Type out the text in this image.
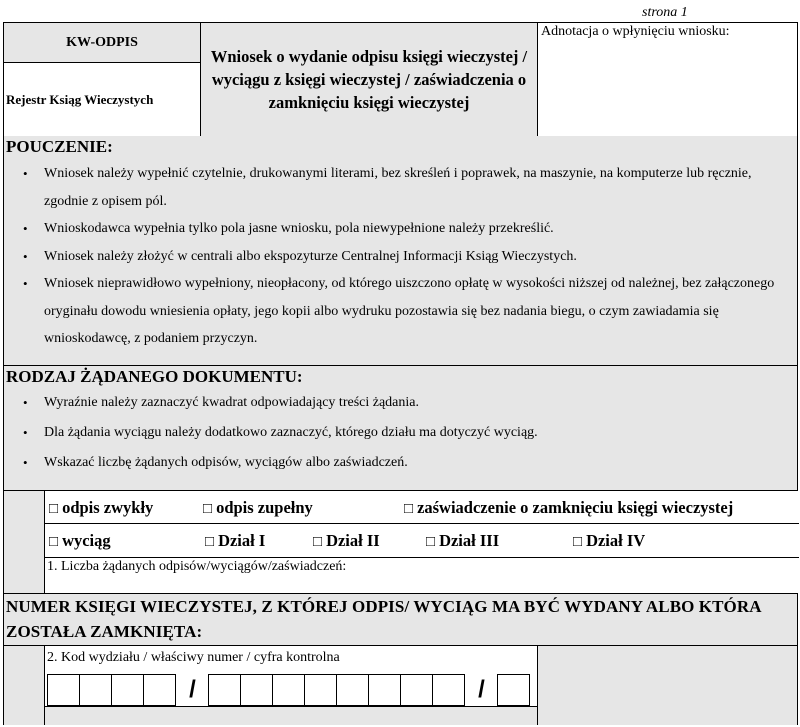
strona 1
KW-ODPIS
Rejestr Ksiąg Wieczystych
Wniosek o wydanie odpisu księgi wieczystej / wyciągu z księgi wieczystej / zaświadczenia o zamknięciu księgi wieczystej
Adnotacja o wpłynięciu wniosku:
POUCZENIE:
• Wniosek należy wypełnić czytelnie, drukowanymi literami, bez skreśleń i poprawek, na maszynie, na komputerze lub ręcznie, zgodnie z opisem pól.
• Wnioskodawca wypełnia tylko pola jasne wniosku, pola niewypełnione należy przekreślić.
• Wniosek należy złożyć w centrali albo ekspozyturze Centralnej Informacji Ksiąg Wieczystych.
• Wniosek nieprawidłowo wypełniony, nieopłacony, od którego uiszczono opłatę w wysokości niższej od należnej, bez załączonego oryginału dowodu wniesienia opłaty, jego kopii albo wydruku pozostawia się bez nadania biegu, o czym zawiadamia się wnioskodawcę, z podaniem przyczyn.
RODZAJ ŻĄDANEGO DOKUMENTU:
• Wyraźnie należy zaznaczyć kwadrat odpowiadający treści żądania.
• Dla żądania wyciągu należy dodatkowo zaznaczyć, którego działu ma dotyczyć wyciąg.
• Wskazać liczbę żądanych odpisów, wyciągów albo zaświadczeń.
□ odpis zwykły	□ odpis zupełny	□ zaświadczenie o zamknięciu księgi wieczystej
□ wyciąg	□ Dział I	□ Dział II	□ Dział III	□ Dział IV
1. Liczba żądanych odpisów/wyciągów/zaświadczeń:
NUMER KSIĘGI WIECZYSTEJ, Z KTÓREJ ODPIS/ WYCIĄG MA BYĆ WYDANY ALBO KTÓRA ZOSTAŁA ZAMKNIĘTA:
2. Kod wydziału / właściwy numer / cyfra kontrolna
/	/
